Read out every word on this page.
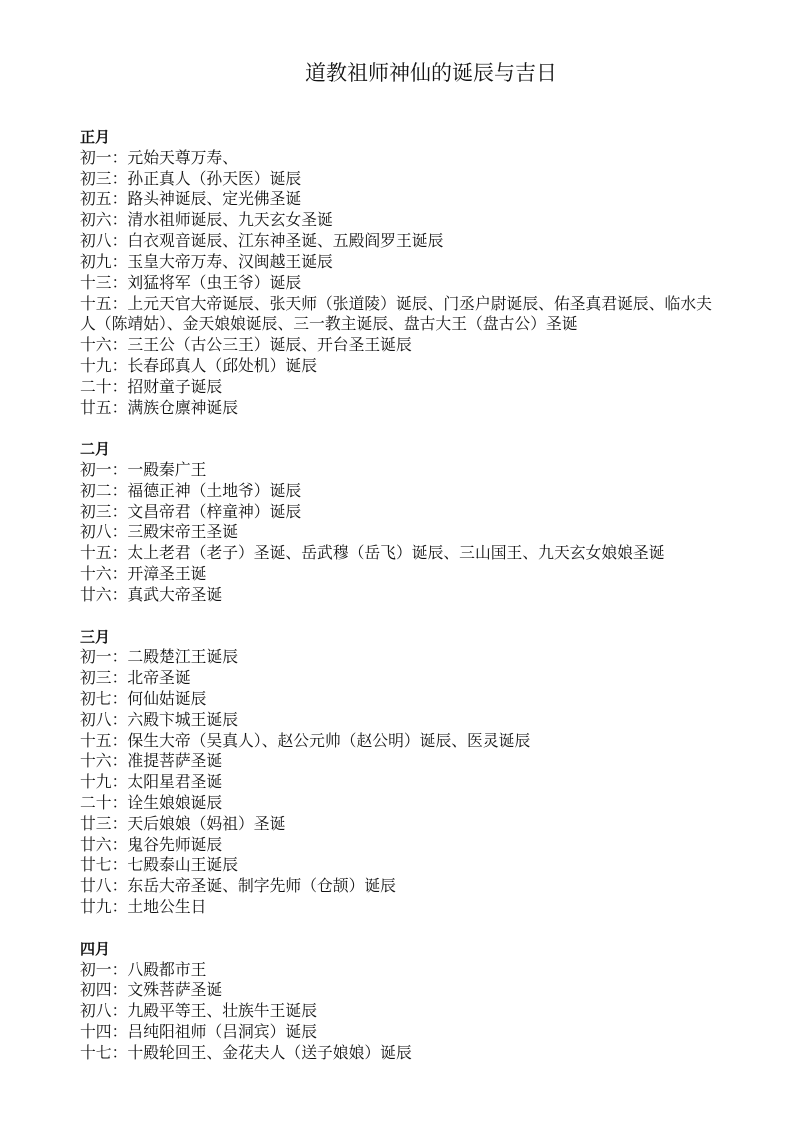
道教祖师神仙的诞辰与吉日
正月
初一：元始天尊万寿、
初三：孙正真人（孙天医）诞辰
初五：路头神诞辰、定光佛圣诞
初六：清水祖师诞辰、九天玄女圣诞
初八：白衣观音诞辰、江东神圣诞、五殿阎罗王诞辰
初九：玉皇大帝万寿、汉闽越王诞辰
十三：刘猛将军（虫王爷）诞辰
十五：上元天官大帝诞辰、张天师（张道陵）诞辰、门丞户尉诞辰、佑圣真君诞辰、临水夫人（陈靖姑）、金天娘娘诞辰、三一教主诞辰、盘古大王（盘古公）圣诞
十六：三王公（古公三王）诞辰、开台圣王诞辰
十九：长春邱真人（邱处机）诞辰
二十：招财童子诞辰
廿五：满族仓廪神诞辰
二月
初一：一殿秦广王
初二：福德正神（土地爷）诞辰
初三：文昌帝君（梓童神）诞辰
初八：三殿宋帝王圣诞
十五：太上老君（老子）圣诞、岳武穆（岳飞）诞辰、三山国王、九天玄女娘娘圣诞
十六：开漳圣王诞
廿六：真武大帝圣诞
三月
初一：二殿楚江王诞辰
初三：北帝圣诞
初七：何仙姑诞辰
初八：六殿卞城王诞辰
十五：保生大帝（吴真人）、赵公元帅（赵公明）诞辰、医灵诞辰
十六：准提菩萨圣诞
十九：太阳星君圣诞
二十：诠生娘娘诞辰
廿三：天后娘娘（妈祖）圣诞
廿六：鬼谷先师诞辰
廿七：七殿泰山王诞辰
廿八：东岳大帝圣诞、制字先师（仓颉）诞辰
廿九：土地公生日
四月
初一：八殿都市王
初四：文殊菩萨圣诞
初八：九殿平等王、壮族牛王诞辰
十四：吕纯阳祖师（吕洞宾）诞辰
十七：十殿轮回王、金花夫人（送子娘娘）诞辰
